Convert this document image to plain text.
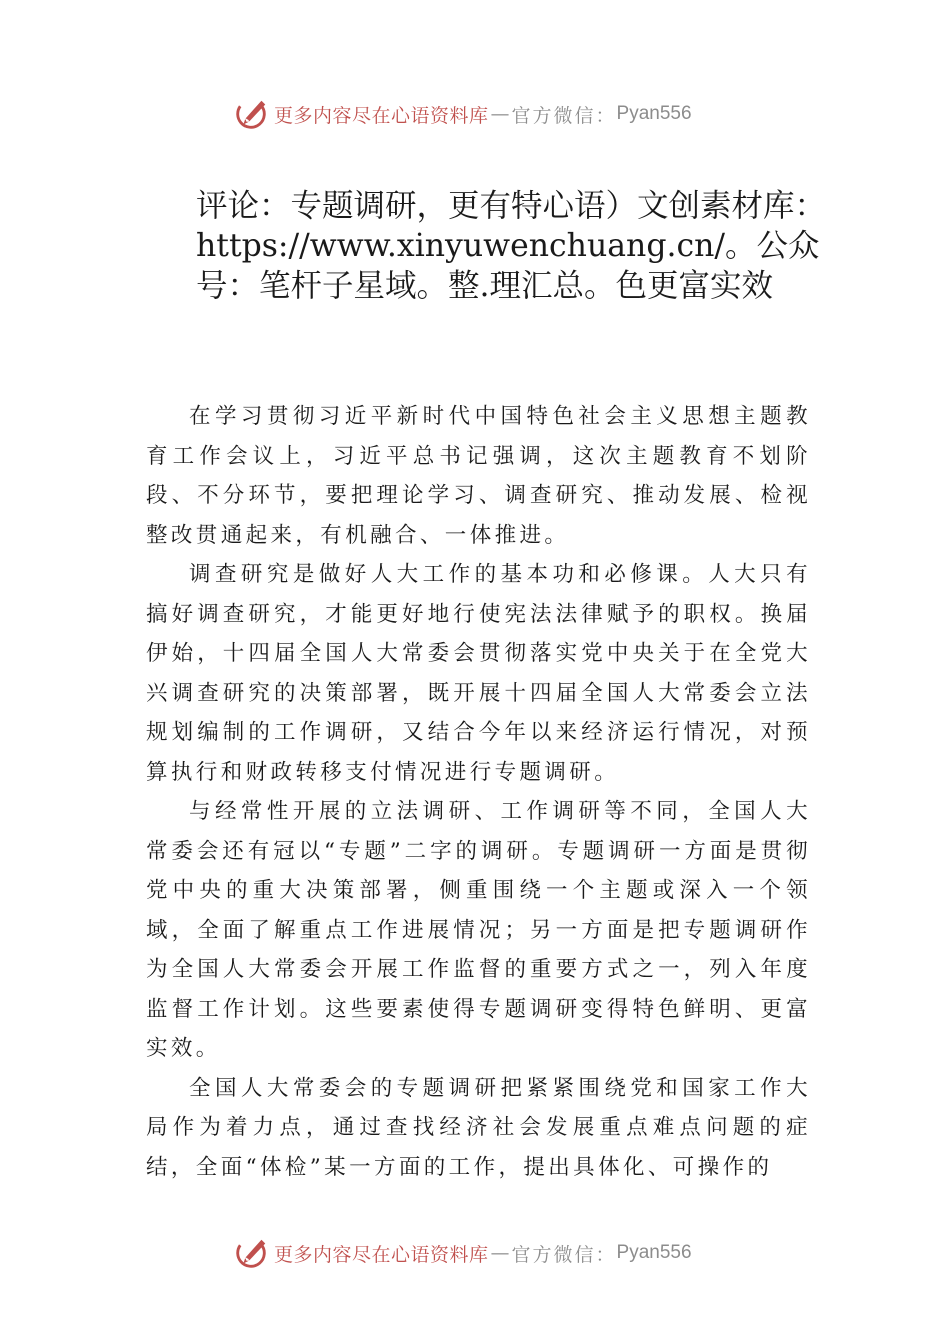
更多内容尽在心语资料库 — 官方微信： Pyan556
评论：专题调研，更有特心语）文创素材库：https://www.xinyuwenchuang.cn/。公众号：笔杆子星域。整.理汇总。色更富实效

在学习贯彻习近平新时代中国特色社会主义思想主题教育工作会议上，习近平总书记强调，这次主题教育不划阶段、不分环节，要把理论学习、调查研究、推动发展、检视整改贯通起来，有机融合、一体推进。

调查研究是做好人大工作的基本功和必修课。人大只有搞好调查研究，才能更好地行使宪法法律赋予的职权。换届伊始，十四届全国人大常委会贯彻落实党中央关于在全党大兴调查研究的决策部署，既开展十四届全国人大常委会立法规划编制的工作调研，又结合今年以来经济运行情况，对预算执行和财政转移支付情况进行专题调研。

与经常性开展的立法调研、工作调研等不同，全国人大常委会还有冠以“专题”二字的调研。专题调研一方面是贯彻党中央的重大决策部署，侧重围绕一个主题或深入一个领域，全面了解重点工作进展情况；另一方面是把专题调研作为全国人大常委会开展工作监督的重要方式之一，列入年度监督工作计划。这些要素使得专题调研变得特色鲜明、更富实效。

全国人大常委会的专题调研把紧紧围绕党和国家工作大局作为着力点，通过查找经济社会发展重点难点问题的症结，全面“体检”某一方面的工作，提出具体化、可操作的

更多内容尽在心语资料库 — 官方微信： Pyan556
